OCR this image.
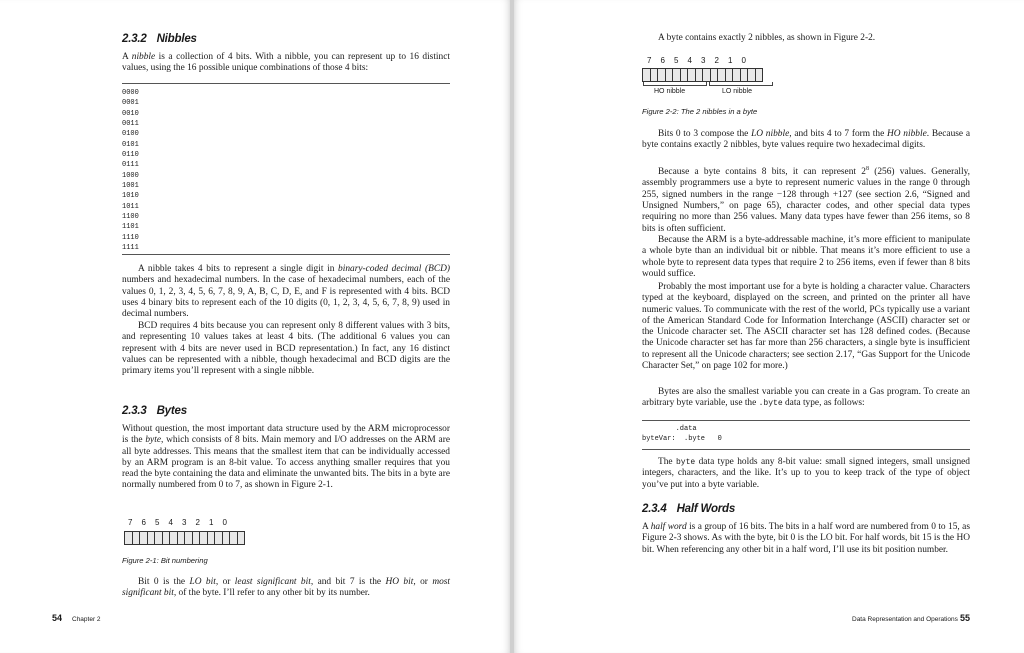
2.3.2 Nibbles

A nibble is a collection of 4 bits. With a nibble, you can represent up to 16 distinct values, using the 16 possible unique combinations of those 4 bits:

0000
0001
0010
0011
0100
0101
0110
0111
1000
1001
1010
1011
1100
1101
1110
1111

A nibble takes 4 bits to represent a single digit in binary-coded decimal (BCD) numbers and hexadecimal numbers. In the case of hexadecimal numbers, each of the values 0, 1, 2, 3, 4, 5, 6, 7, 8, 9, A, B, C, D, E, and F is represented with 4 bits. BCD uses 4 binary bits to represent each of the 10 digits (0, 1, 2, 3, 4, 5, 6, 7, 8, 9) used in decimal numbers.

BCD requires 4 bits because you can represent only 8 different values with 3 bits, and representing 10 values takes at least 4 bits. (The additional 6 values you can represent with 4 bits are never used in BCD representation.) In fact, any 16 distinct values can be represented with a nibble, though hexadecimal and BCD digits are the primary items you’ll represent with a single nibble.

2.3.3 Bytes

Without question, the most important data structure used by the ARM microprocessor is the byte, which consists of 8 bits. Main memory and I/O addresses on the ARM are all byte addresses. This means that the smallest item that can be individually accessed by an ARM program is an 8-bit value. To access anything smaller requires that you read the byte containing the data and eliminate the unwanted bits. The bits in a byte are normally numbered from 0 to 7, as shown in Figure 2-1.

7 6 5 4 3 2 1 0
Figure 2-1: Bit numbering

Bit 0 is the LO bit, or least significant bit, and bit 7 is the HO bit, or most significant bit, of the byte. I’ll refer to any other bit by its number.

54 Chapter 2

A byte contains exactly 2 nibbles, as shown in Figure 2-2.

7 6 5 4 3 2 1 0
HO nibble	LO nibble
Figure 2-2: The 2 nibbles in a byte

Bits 0 to 3 compose the LO nibble, and bits 4 to 7 form the HO nibble. Because a byte contains exactly 2 nibbles, byte values require two hexadecimal digits.

Because a byte contains 8 bits, it can represent $2^8$ (256) values. Generally, assembly programmers use a byte to represent numeric values in the range 0 through 255, signed numbers in the range −128 through +127 (see section 2.6, “Signed and Unsigned Numbers,” on page 65), character codes, and other special data types requiring no more than 256 values. Many data types have fewer than 256 items, so 8 bits is often sufficient.

Because the ARM is a byte-addressable machine, it’s more efficient to manipulate a whole byte than an individual bit or nibble. That means it’s more efficient to use a whole byte to represent data types that require 2 to 256 items, even if fewer than 8 bits would suffice.

Probably the most important use for a byte is holding a character value. Characters typed at the keyboard, displayed on the screen, and printed on the printer all have numeric values. To communicate with the rest of the world, PCs typically use a variant of the American Standard Code for Information Interchange (ASCII) character set or the Unicode character set. The ASCII character set has 128 defined codes. (Because the Unicode character set has far more than 256 characters, a single byte is insufficient to represent all the Unicode characters; see section 2.17, “Gas Support for the Unicode Character Set,” on page 102 for more.)

Bytes are also the smallest variable you can create in a Gas program. To create an arbitrary byte variable, use the .byte data type, as follows:

.data
byteVar:  .byte   0

The byte data type holds any 8-bit value: small signed integers, small unsigned integers, characters, and the like. It’s up to you to keep track of the type of object you’ve put into a byte variable.

2.3.4 Half Words

A half word is a group of 16 bits. The bits in a half word are numbered from 0 to 15, as Figure 2-3 shows. As with the byte, bit 0 is the LO bit. For half words, bit 15 is the HO bit. When referencing any other bit in a half word, I’ll use its bit position number.

Data Representation and Operations 55
